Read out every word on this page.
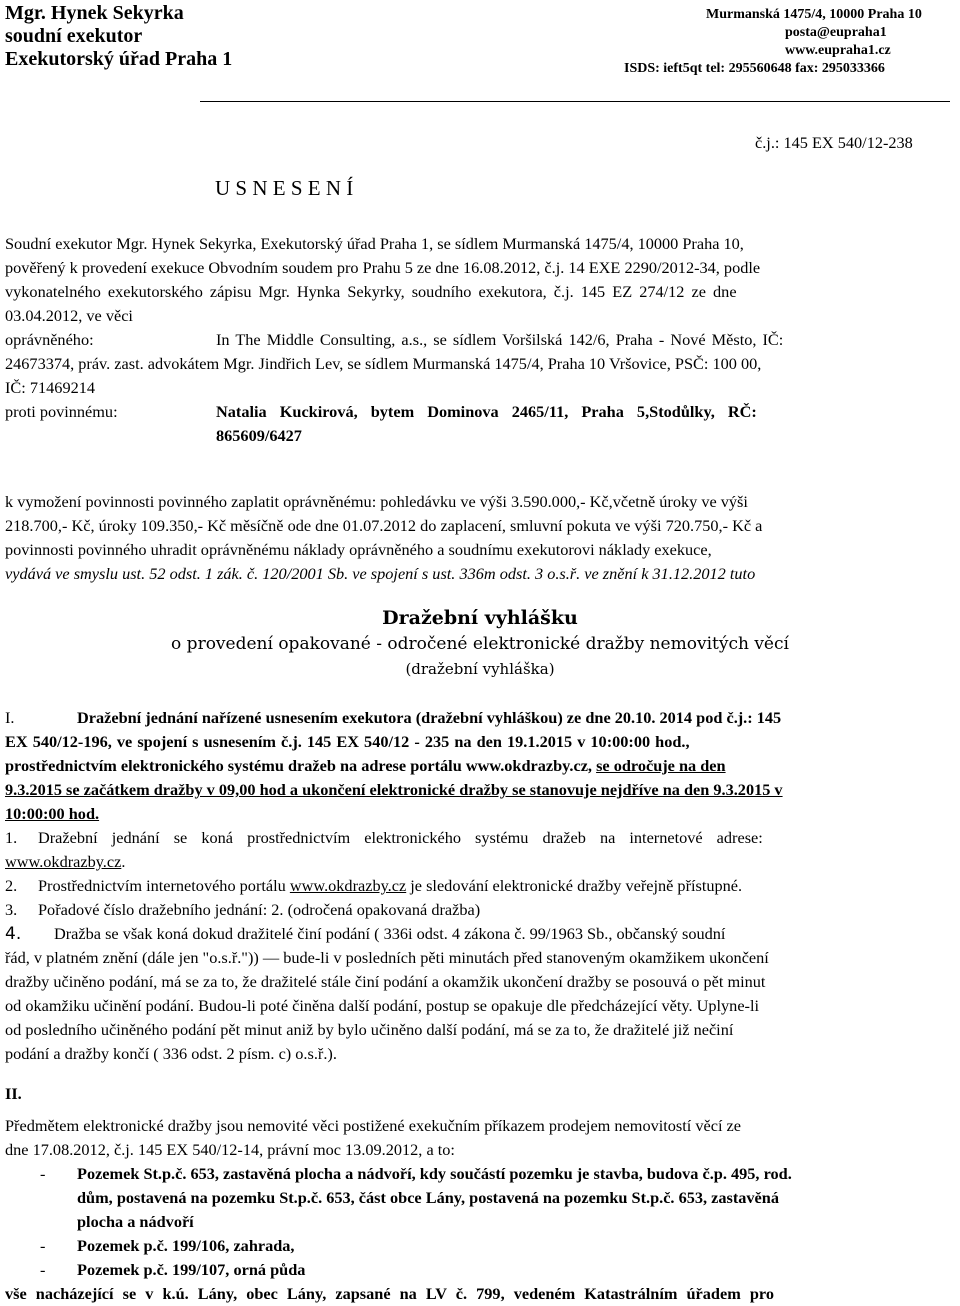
Mgr. Hynek Sekyrka
soudní exekutor
Exekutorský úřad Praha 1
Murmanská 1475/4, 10000 Praha 10
posta@eupraha1
www.eupraha1.cz
ISDS: ieft5qt tel: 295560648 fax: 295033366
č.j.: 145 EX 540/12-238
U S N E S E N Í
Soudní exekutor Mgr. Hynek Sekyrka, Exekutorský úřad Praha 1, se sídlem Murmanská 1475/4, 10000 Praha 10,
pověřený k provedení exekuce Obvodním soudem pro Prahu 5 ze dne 16.08.2012, č.j. 14 EXE 2290/2012-34, podle
vykonatelného exekutorského zápisu Mgr. Hynka Sekyrky, soudního exekutora, č.j. 145 EZ 274/12 ze dne
03.04.2012, ve věci
oprávněného:	In The Middle Consulting, a.s., se sídlem Voršilská 142/6, Praha - Nové Město, IČ:
24673374, práv. zast. advokátem Mgr. Jindřich Lev, se sídlem Murmanská 1475/4, Praha 10 Vršovice, PSČ: 100 00,
IČ: 71469214
proti povinnému:	Natalia Kuckirová, bytem Dominova 2465/11, Praha 5,Stodůlky, RČ:
865609/6427
k vymožení povinnosti povinného zaplatit oprávněnému: pohledávku ve výši 3.590.000,- Kč,včetně úroky ve výši
218.700,- Kč, úroky 109.350,- Kč měsíčně ode dne 01.07.2012 do zaplacení, smluvní pokuta ve výši 720.750,- Kč a
povinnosti povinného uhradit oprávněnému náklady oprávněného a soudnímu exekutorovi náklady exekuce,
vydává ve smyslu ust. 52 odst. 1 zák. č. 120/2001 Sb. ve spojení s ust. 336m odst. 3 o.s.ř. ve znění k 31.12.2012 tuto
Dražební vyhlášku
o provedení opakované - odročené elektronické dražby nemovitých věcí
(dražební vyhláška)
I.	Dražební jednání nařízené usnesením exekutora (dražební vyhláškou) ze dne 20.10. 2014 pod č.j.: 145
EX 540/12-196, ve spojení s usnesením č.j. 145 EX 540/12 - 235 na den 19.1.2015 v 10:00:00 hod.,
prostřednictvím elektronického systému dražeb na adrese portálu www.okdrazby.cz, se odročuje na den
9.3.2015 se začátkem dražby v 09,00 hod a ukončení elektronické dražby se stanovuje nejdříve na den 9.3.2015 v
10:00:00 hod.
1. Dražební jednání se koná prostřednictvím elektronického systému dražeb na internetové adrese:
www.okdrazby.cz.
2. Prostřednictvím internetového portálu www.okdrazby.cz je sledování elektronické dražby veřejně přístupné.
3. Pořadové číslo dražebního jednání: 2. (odročená opakovaná dražba)
4. Dražba se však koná dokud dražitelé činí podání ( 336i odst. 4 zákona č. 99/1963 Sb., občanský soudní
řád, v platném znění (dále jen "o.s.ř.")) — bude-li v posledních pěti minutách před stanoveným okamžikem ukončení
dražby učiněno podání, má se za to, že dražitelé stále činí podání a okamžik ukončení dražby se posouvá o pět minut
od okamžiku učinění podání. Budou-li poté činěna další podání, postup se opakuje dle předcházející věty. Uplyne-li
od posledního učiněného podání pět minut aniž by bylo učiněno další podání, má se za to, že dražitelé již nečiní
podání a dražby končí ( 336 odst. 2 písm. c) o.s.ř.).
II.
Předmětem elektronické dražby jsou nemovité věci postižené exekučním příkazem prodejem nemovitostí věcí ze
dne 17.08.2012, č.j. 145 EX 540/12-14, právní moc 13.09.2012, a to:
- Pozemek St.p.č. 653, zastavěná plocha a nádvoří, kdy součástí pozemku je stavba, budova č.p. 495, rod.
dům, postavená na pozemku St.p.č. 653, část obce Lány, postavená na pozemku St.p.č. 653, zastavěná
plocha a nádvoří
- Pozemek p.č. 199/106, zahrada,
- Pozemek p.č. 199/107, orná půda
vše nacházející se v k.ú. Lány, obec Lány, zapsané na LV č. 799, vedeném Katastrálním úřadem pro
